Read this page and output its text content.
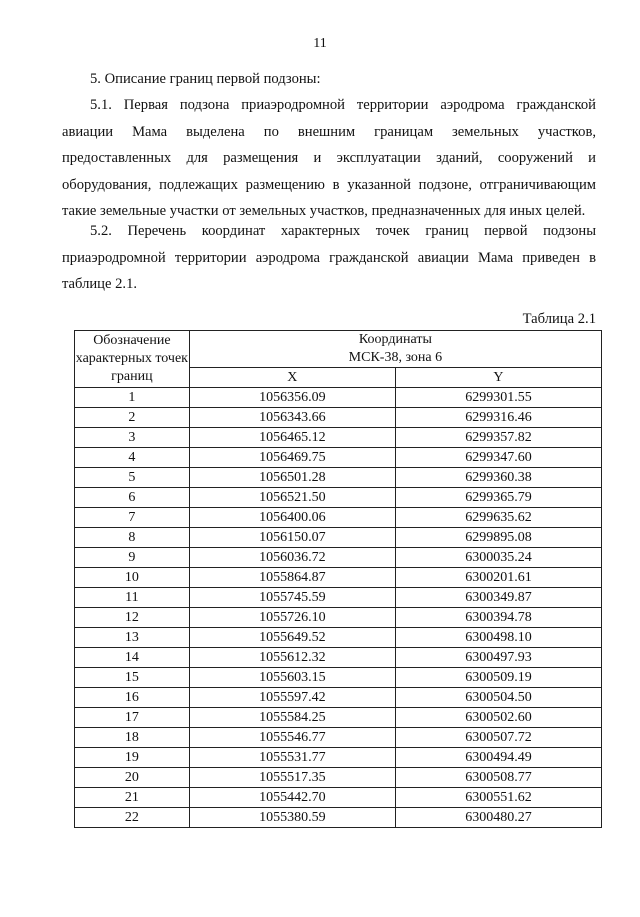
11
5. Описание границ первой подзоны:
5.1. Первая подзона приаэродромной территории аэродрома гражданской авиации Мама выделена по внешним границам земельных участков, предоставленных для размещения и эксплуатации зданий, сооружений и оборудования, подлежащих размещению в указанной подзоне, отграничивающим такие земельные участки от земельных участков, предназначенных для иных целей.
5.2. Перечень координат характерных точек границ первой подзоны приаэродромной территории аэродрома гражданской авиации Мама приведен в таблице 2.1.
Таблица 2.1
Обозначение характерных точек границ	Координаты
МСК-38, зона 6	
	X	Y
1	1056356.09	6299301.55
2	1056343.66	6299316.46
3	1056465.12	6299357.82
4	1056469.75	6299347.60
5	1056501.28	6299360.38
6	1056521.50	6299365.79
7	1056400.06	6299635.62
8	1056150.07	6299895.08
9	1056036.72	6300035.24
10	1055864.87	6300201.61
11	1055745.59	6300349.87
12	1055726.10	6300394.78
13	1055649.52	6300498.10
14	1055612.32	6300497.93
15	1055603.15	6300509.19
16	1055597.42	6300504.50
17	1055584.25	6300502.60
18	1055546.77	6300507.72
19	1055531.77	6300494.49
20	1055517.35	6300508.77
21	1055442.70	6300551.62
22	1055380.59	6300480.27
